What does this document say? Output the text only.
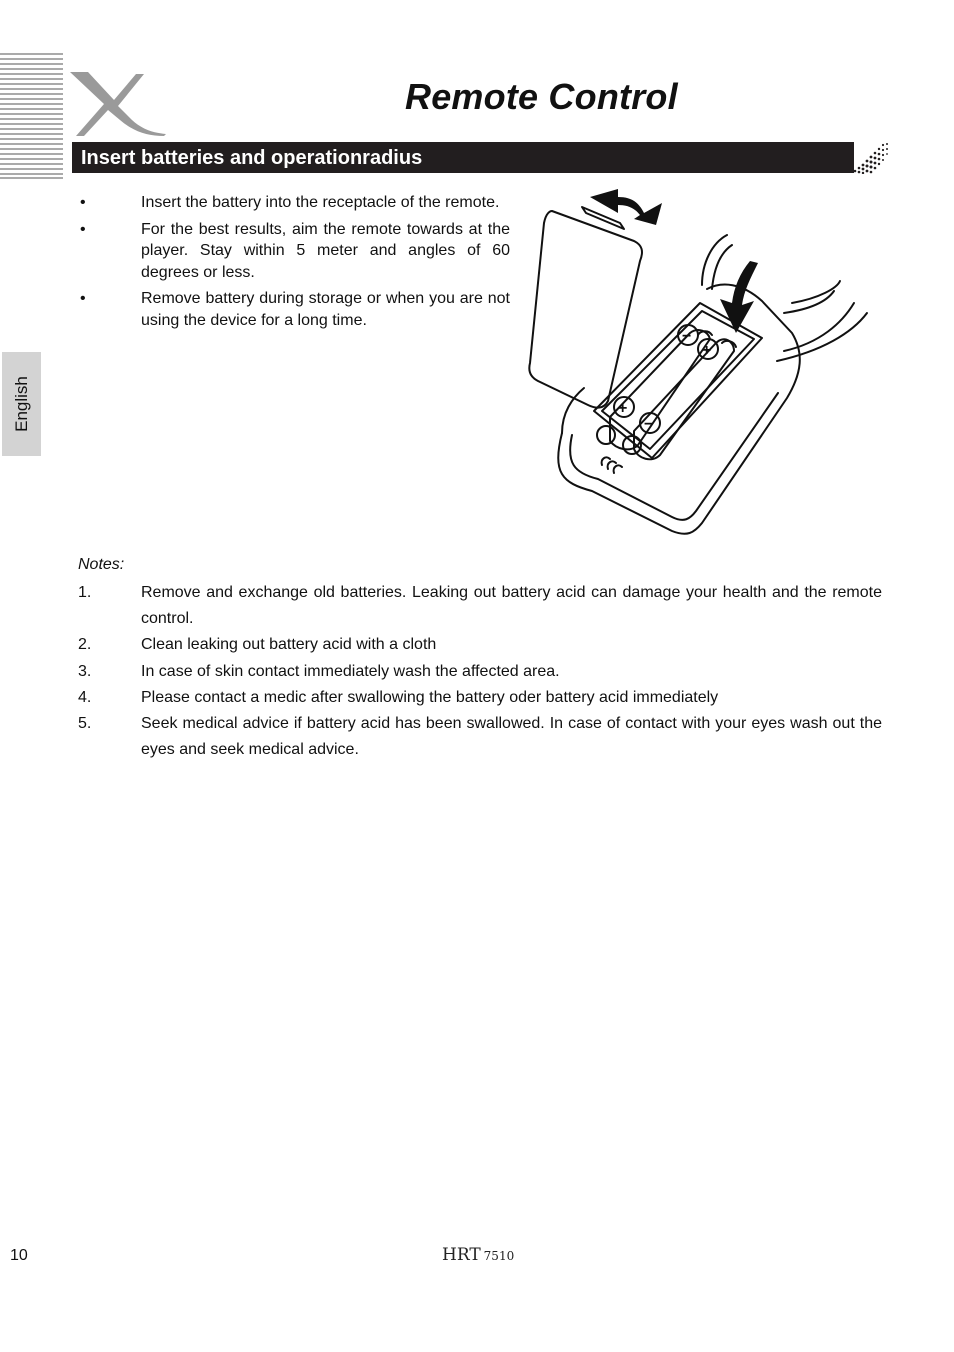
Remote Control
Insert batteries and operationradius
English
•	Insert the battery into the receptacle of the remote.
•	For the best results, aim the remote towards at the player. Stay within 5 meter and angles of 60 degrees or less.
•	Remove battery during storage or when you are not using the device for a long time.
+
−
+
−

Notes:

1.	Remove and exchange old batteries. Leaking out battery acid can damage your health and the remote control.
2.	Clean leaking out battery acid with a cloth
3.	In case of skin contact immediately wash the affected area.
4.	Please contact a medic after swallowing the battery oder battery acid immediately
5.	Seek medical advice if battery acid has been swallowed. In case of contact with your eyes wash out the eyes and seek medical advice.
10	HRT 7510
